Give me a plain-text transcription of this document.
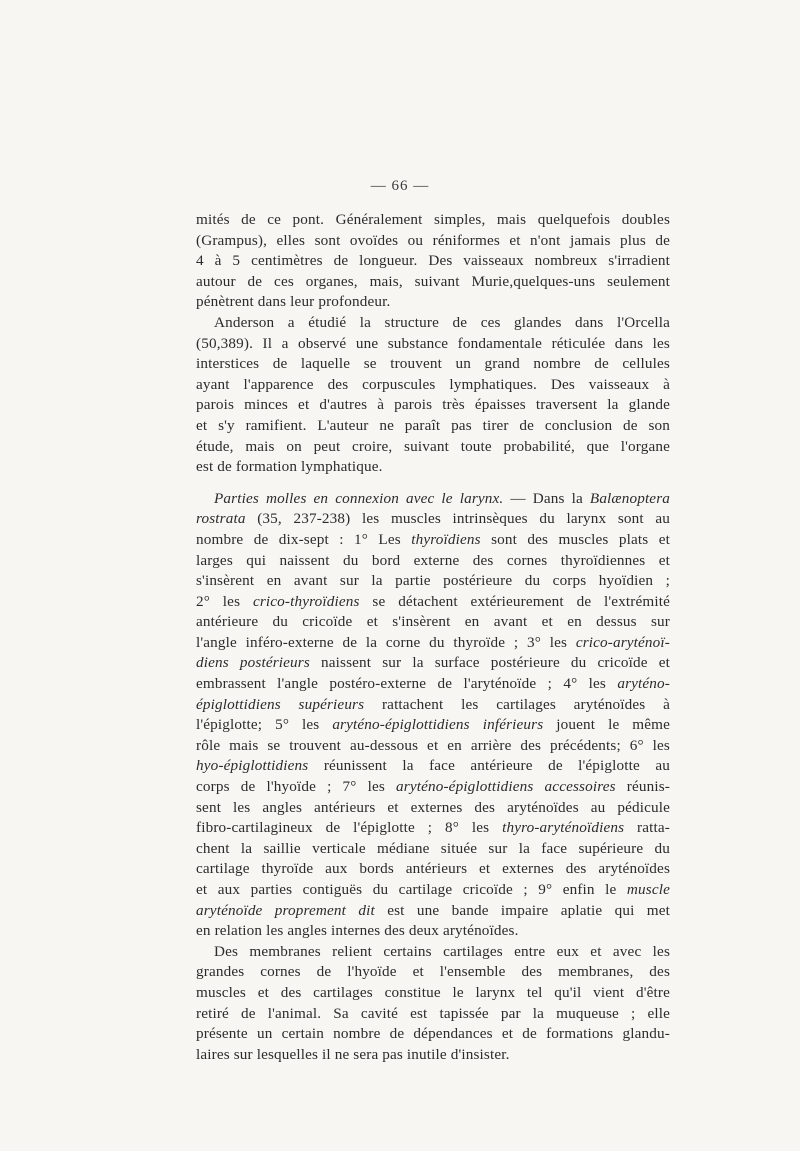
— 66 —

mités de ce pont. Généralement simples, mais quelquefois doubles
(Grampus), elles sont ovoïdes ou réniformes et n'ont jamais plus de
4 à 5 centimètres de longueur. Des vaisseaux nombreux s'irradient
autour de ces organes, mais, suivant Murie,quelques-uns seulement
pénètrent dans leur profondeur.

Anderson a étudié la structure de ces glandes dans l'Orcella
(50,389). Il a observé une substance fondamentale réticulée dans les
interstices de laquelle se trouvent un grand nombre de cellules
ayant l'apparence des corpuscules lymphatiques. Des vaisseaux à
parois minces et d'autres à parois très épaisses traversent la glande
et s'y ramifient. L'auteur ne paraît pas tirer de conclusion de son
étude, mais on peut croire, suivant toute probabilité, que l'organe
est de formation lymphatique.

Parties molles en connexion avec le larynx. — Dans la Balænoptera
rostrata (35, 237-238) les muscles intrinsèques du larynx sont au
nombre de dix-sept : 1° Les thyroïdiens sont des muscles plats et
larges qui naissent du bord externe des cornes thyroïdiennes et
s'insèrent en avant sur la partie postérieure du corps hyoïdien ;
2° les crico-thyroïdiens se détachent extérieurement de l'extrémité
antérieure du cricoïde et s'insèrent en avant et en dessus sur
l'angle inféro-externe de la corne du thyroïde ; 3° les crico-aryténoï-
diens postérieurs naissent sur la surface postérieure du cricoïde et
embrassent l'angle postéro-externe de l'aryténoïde ; 4° les aryténo-
épiglottidiens supérieurs rattachent les cartilages aryténoïdes à
l'épiglotte; 5° les aryténo-épiglottidiens inférieurs jouent le même
rôle mais se trouvent au-dessous et en arrière des précédents; 6° les
hyo-épiglottidiens réunissent la face antérieure de l'épiglotte au
corps de l'hyoïde ; 7° les aryténo-épiglottidiens accessoires réunis-
sent les angles antérieurs et externes des aryténoïdes au pédicule
fibro-cartilagineux de l'épiglotte ; 8° les thyro-aryténoïdiens ratta-
chent la saillie verticale médiane située sur la face supérieure du
cartilage thyroïde aux bords antérieurs et externes des aryténoïdes
et aux parties contiguës du cartilage cricoïde ; 9° enfin le muscle
aryténoïde proprement dit est une bande impaire aplatie qui met
en relation les angles internes des deux aryténoïdes.

Des membranes relient certains cartilages entre eux et avec les
grandes cornes de l'hyoïde et l'ensemble des membranes, des
muscles et des cartilages constitue le larynx tel qu'il vient d'être
retiré de l'animal. Sa cavité est tapissée par la muqueuse ; elle
présente un certain nombre de dépendances et de formations glandu-
laires sur lesquelles il ne sera pas inutile d'insister.
